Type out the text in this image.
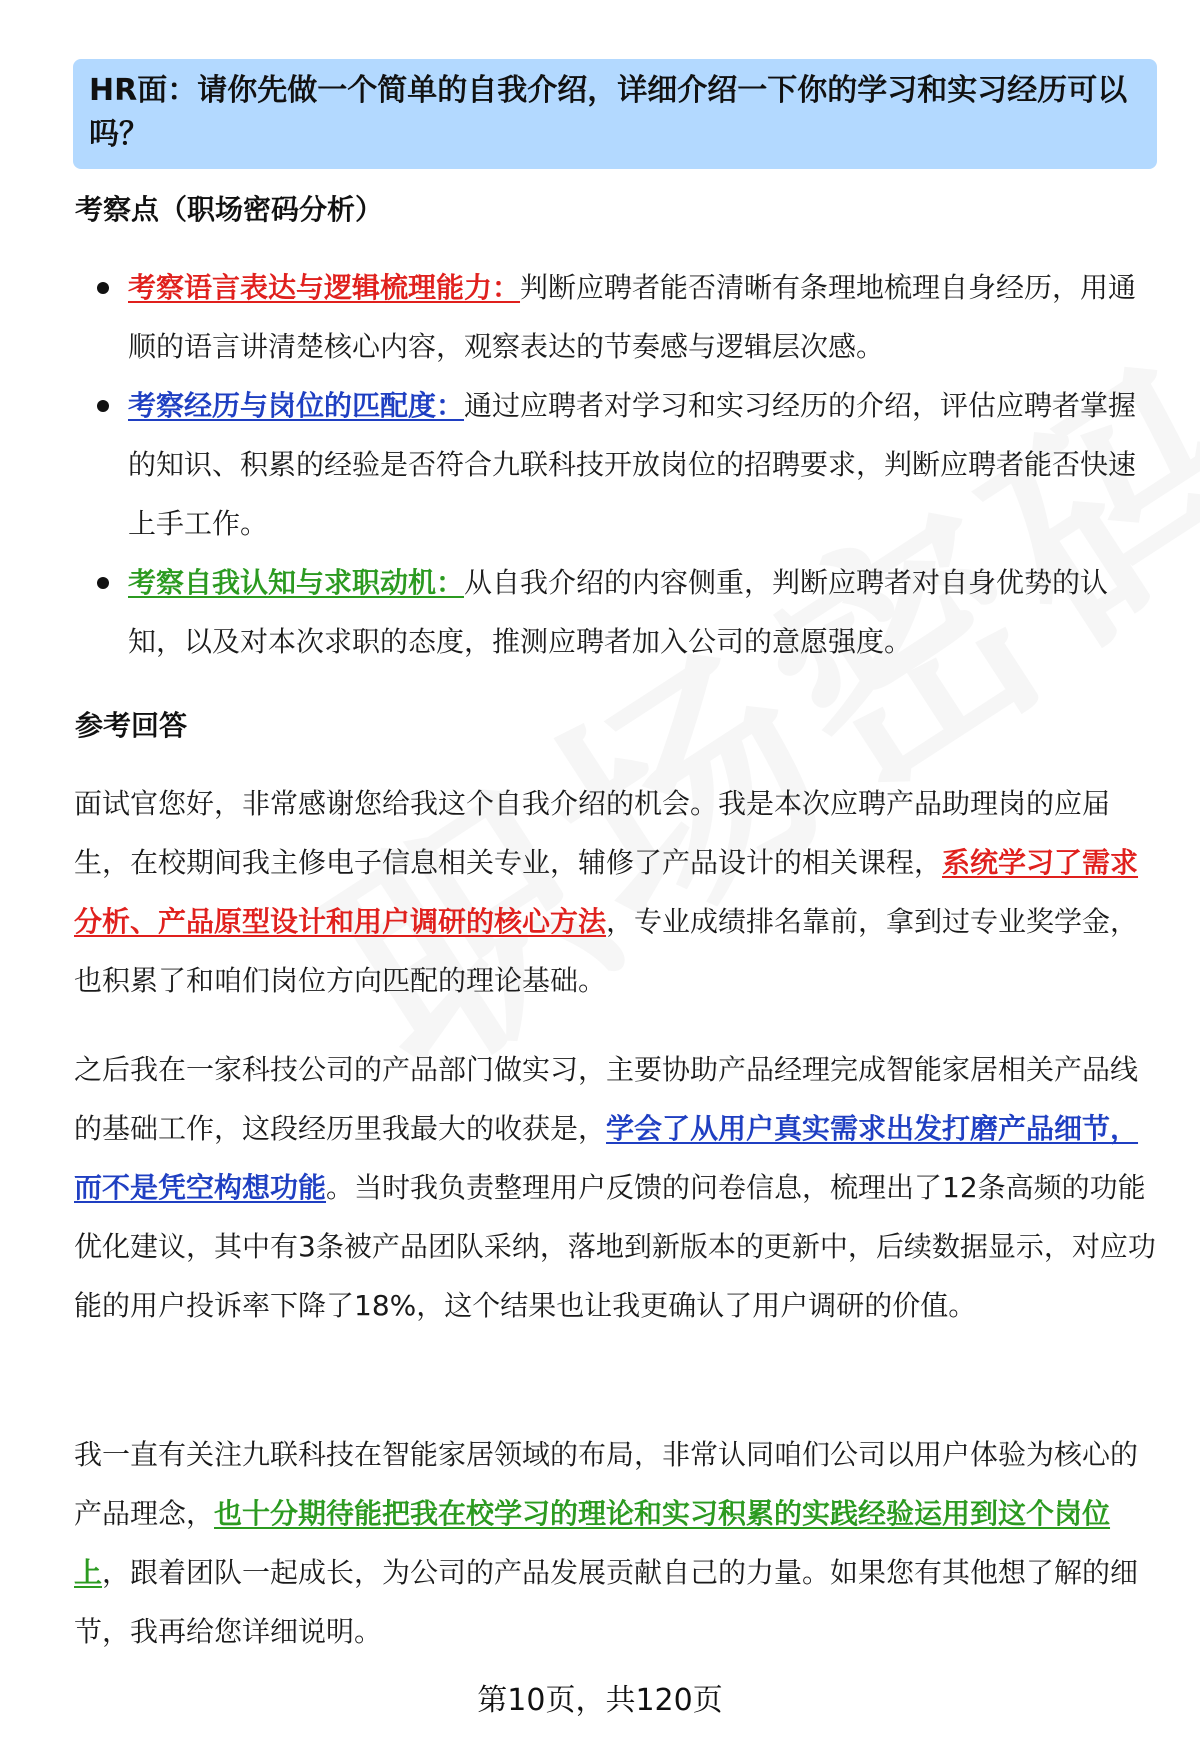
HR面：请你先做一个简单的自我介绍，详细介绍一下你的学习和实习经历可以吗？
考察点（职场密码分析）
考察语言表达与逻辑梳理能力：判断应聘者能否清晰有条理地梳理自身经历，用通顺的语言讲清楚核心内容，观察表达的节奏感与逻辑层次感。
考察经历与岗位的匹配度：通过应聘者对学习和实习经历的介绍，评估应聘者掌握的知识、积累的经验是否符合九联科技开放岗位的招聘要求，判断应聘者能否快速上手工作。
考察自我认知与求职动机：从自我介绍的内容侧重，判断应聘者对自身优势的认知，以及对本次求职的态度，推测应聘者加入公司的意愿强度。
参考回答

面试官您好，非常感谢您给我这个自我介绍的机会。我是本次应聘产品助理岗的应届生，在校期间我主修电子信息相关专业，辅修了产品设计的相关课程，系统学习了需求分析、产品原型设计和用户调研的核心方法，专业成绩排名靠前，拿到过专业奖学金，也积累了和咱们岗位方向匹配的理论基础。

之后我在一家科技公司的产品部门做实习，主要协助产品经理完成智能家居相关产品线的基础工作，这段经历里我最大的收获是，学会了从用户真实需求出发打磨产品细节，而不是凭空构想功能。当时我负责整理用户反馈的问卷信息，梳理出了12条高频的功能优化建议，其中有3条被产品团队采纳，落地到新版本的更新中，后续数据显示，对应功能的用户投诉率下降了18%，这个结果也让我更确认了用户调研的价值。

我一直有关注九联科技在智能家居领域的布局，非常认同咱们公司以用户体验为核心的产品理念，也十分期待能把我在校学习的理论和实习积累的实践经验运用到这个岗位上，跟着团队一起成长，为公司的产品发展贡献自己的力量。如果您有其他想了解的细节，我再给您详细说明。

第10页，共120页
